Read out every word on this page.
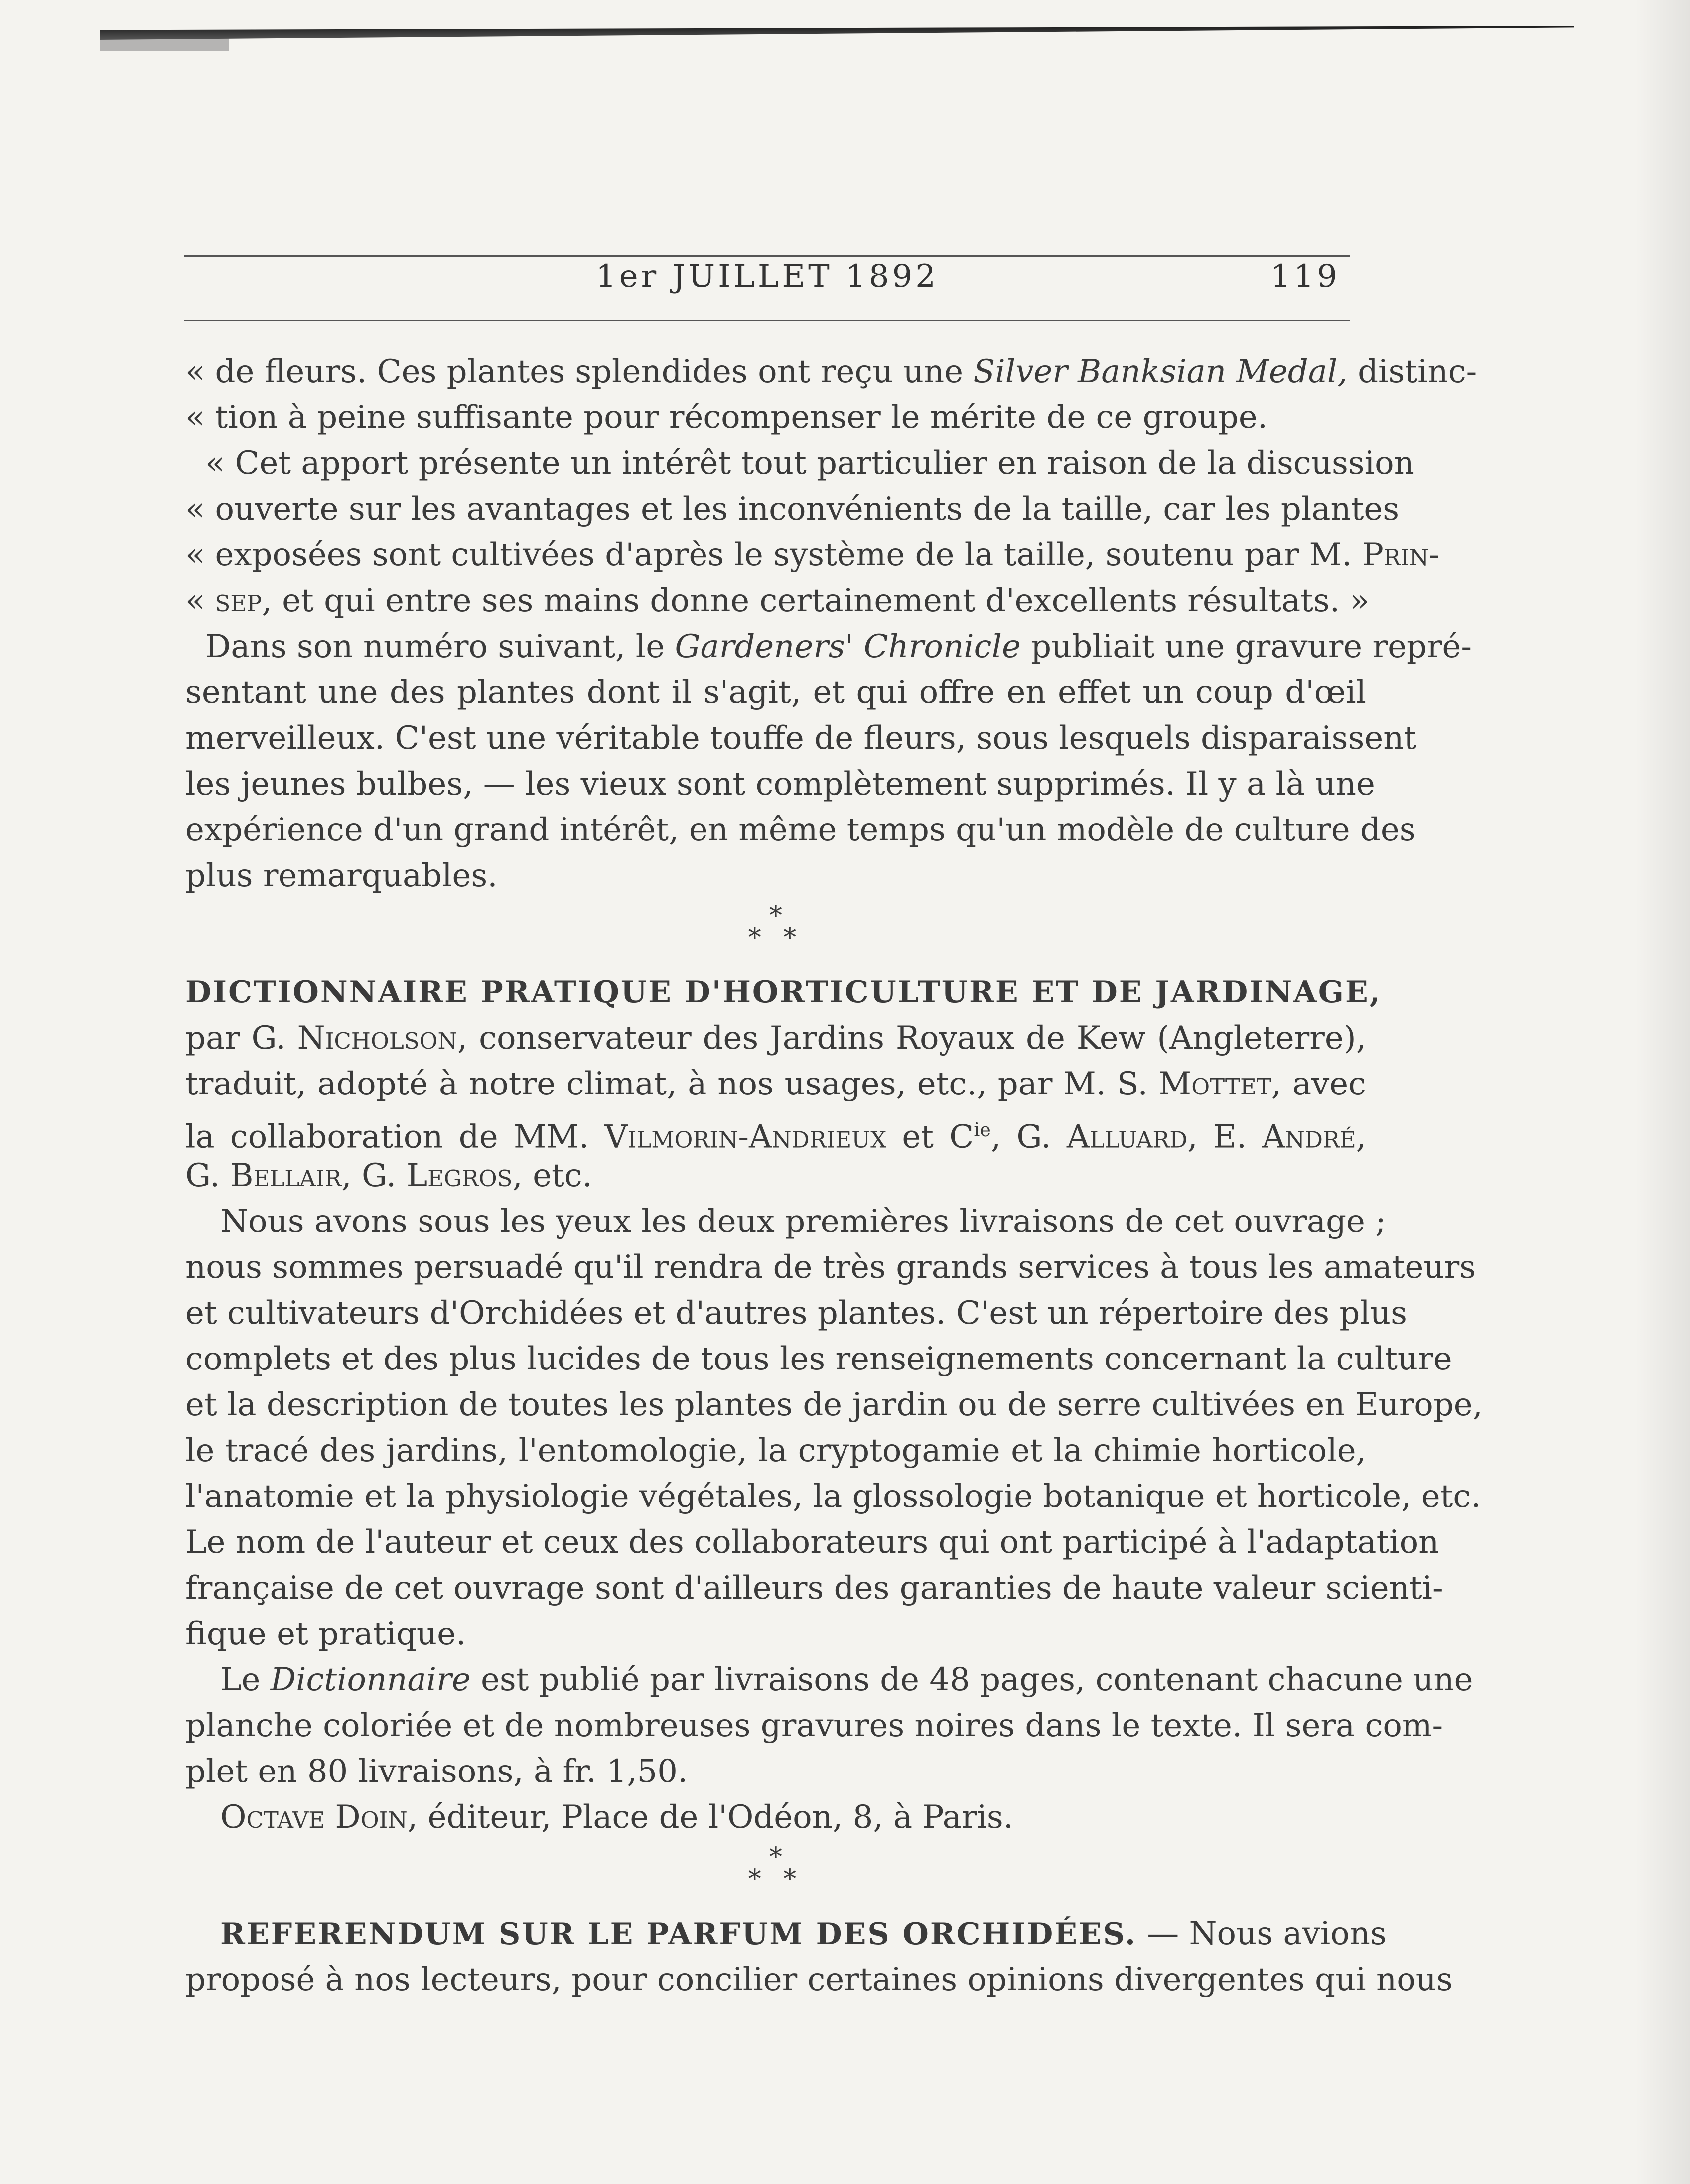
1er JUILLET 1892	119
« de fleurs. Ces plantes splendides ont reçu une Silver Banksian Medal, distinc-
« tion à peine suffisante pour récompenser le mérite de ce groupe.
« Cet apport présente un intérêt tout particulier en raison de la discussion
« ouverte sur les avantages et les inconvénients de la taille, car les plantes
« exposées sont cultivées d'après le système de la taille, soutenu par M. Prin-
« sep, et qui entre ses mains donne certainement d'excellents résultats. »
Dans son numéro suivant, le Gardeners' Chronicle publiait une gravure repré-
sentant une des plantes dont il s'agit, et qui offre en effet un coup d'œil
merveilleux. C'est une véritable touffe de fleurs, sous lesquels disparaissent
les jeunes bulbes, — les vieux sont complètement supprimés. Il y a là une
expérience d'un grand intérêt, en même temps qu'un modèle de culture des
plus remarquables.
*
* *
DICTIONNAIRE PRATIQUE D'HORTICULTURE ET DE JARDINAGE,
par G. Nicholson, conservateur des Jardins Royaux de Kew (Angleterre),
traduit, adopté à notre climat, à nos usages, etc., par M. S. Mottet, avec
la collaboration de MM. Vilmorin-Andrieux et $C^{ie}$, G. Alluard, E. André,
G. Bellair, G. Legros, etc.
Nous avons sous les yeux les deux premières livraisons de cet ouvrage ;
nous sommes persuadé qu'il rendra de très grands services à tous les amateurs
et cultivateurs d'Orchidées et d'autres plantes. C'est un répertoire des plus
complets et des plus lucides de tous les renseignements concernant la culture
et la description de toutes les plantes de jardin ou de serre cultivées en Europe,
le tracé des jardins, l'entomologie, la cryptogamie et la chimie horticole,
l'anatomie et la physiologie végétales, la glossologie botanique et horticole, etc.
Le nom de l'auteur et ceux des collaborateurs qui ont participé à l'adaptation
française de cet ouvrage sont d'ailleurs des garanties de haute valeur scienti-
fique et pratique.
Le Dictionnaire est publié par livraisons de 48 pages, contenant chacune une
planche coloriée et de nombreuses gravures noires dans le texte. Il sera com-
plet en 80 livraisons, à fr. 1,50.
Octave Doin, éditeur, Place de l'Odéon, 8, à Paris.
*
* *
REFERENDUM SUR LE PARFUM DES ORCHIDÉES. — Nous avions
proposé à nos lecteurs, pour concilier certaines opinions divergentes qui nous
